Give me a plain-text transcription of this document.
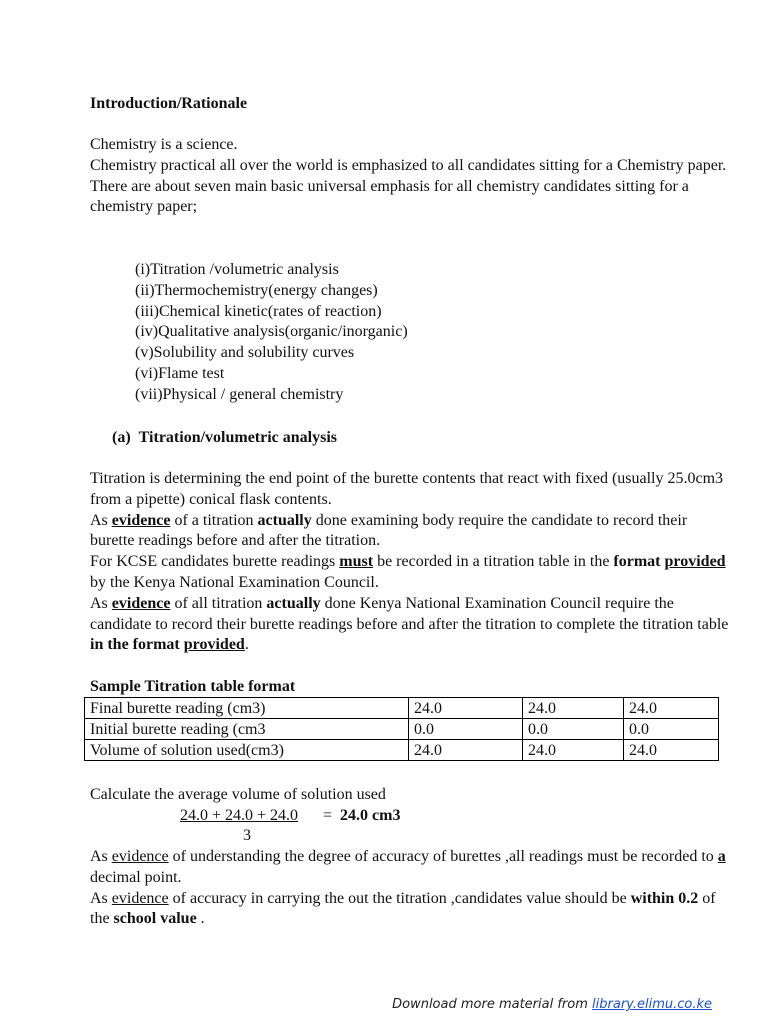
Introduction/Rationale

Chemistry is a science.
Chemistry practical all over the world is emphasized to all candidates sitting for a Chemistry paper.
There are about seven main basic universal emphasis for all chemistry candidates sitting for a chemistry paper;
(i)Titration /volumetric analysis
(ii)Thermochemistry(energy changes)
(iii)Chemical kinetic(rates of reaction)
(iv)Qualitative analysis(organic/inorganic)
(v)Solubility and solubility curves
(vi)Flame test
(vii)Physical / general chemistry

(a) Titration/volumetric analysis

Titration is determining the end point of the burette contents that react with fixed (usually 25.0cm3 from a pipette) conical flask contents.
As evidence of a titration actually done examining body require the candidate to record their burette readings before and after the titration.
For KCSE candidates burette readings must be recorded in a titration table in the format provided by the Kenya National Examination Council.
As evidence of all titration actually done Kenya National Examination Council require the candidate to record their burette readings before and after the titration to complete the titration table in the format provided.

Sample Titration table format

Final burette reading (cm3)	24.0	24.0	24.0
Initial burette reading (cm3	0.0	0.0	0.0
Volume of solution used(cm3)	24.0	24.0	24.0

Calculate the average volume of solution used

24.0 + 24.0 + 24.0 = 24.0 cm3
3
As evidence of understanding the degree of accuracy of burettes ,all readings must be recorded to a decimal point.
As evidence of accuracy in carrying the out the titration ,candidates value should be within 0.2 of the school value .
Download more material from library.elimu.co.ke
